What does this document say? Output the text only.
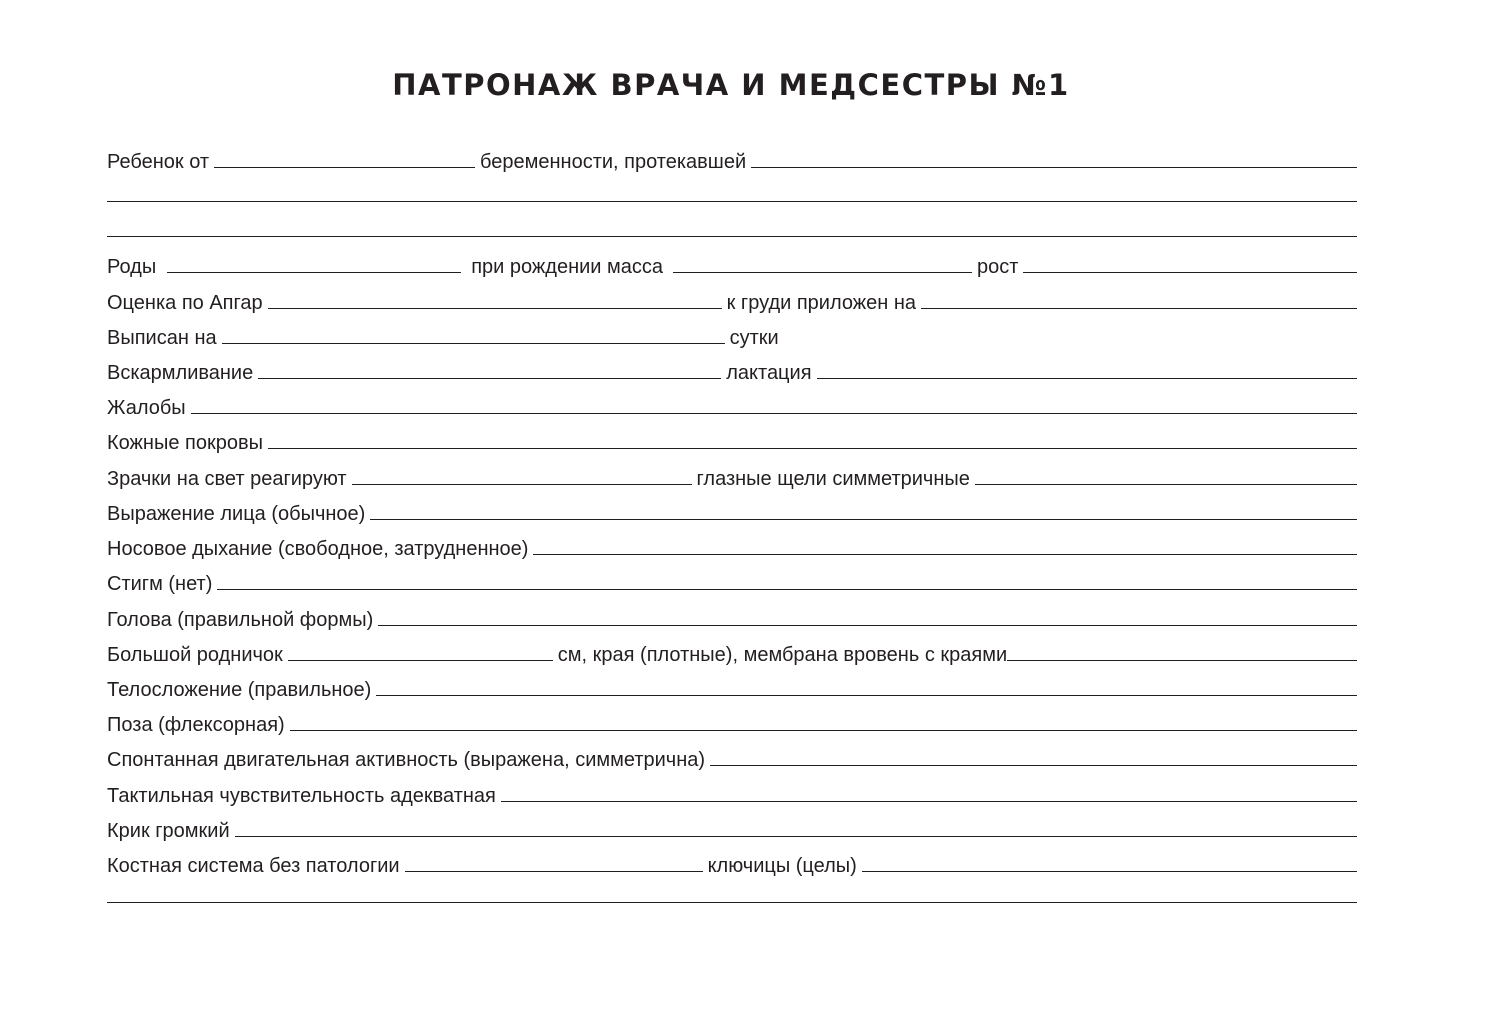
ПАТРОНАЖ ВРАЧА И МЕДСЕСТРЫ №1
Ребенок от	беременности, протекавшей
Роды	при рождении масса	рост
Оценка по Апгар	к груди приложен на
Выписан на	сутки
Вскармливание	лактация
Жалобы
Кожные покровы
Зрачки на свет реагируют	глазные щели симметричные
Выражение лица (обычное)
Носовое дыхание (свободное, затрудненное)
Стигм (нет)
Голова (правильной формы)
Большой родничок	см, края (плотные), мембрана вровень с краями
Телосложение (правильное)
Поза (флексорная)
Спонтанная двигательная активность (выражена, симметрична)
Тактильная чувствительность адекватная
Крик громкий
Костная система без патологии	ключицы (целы)
